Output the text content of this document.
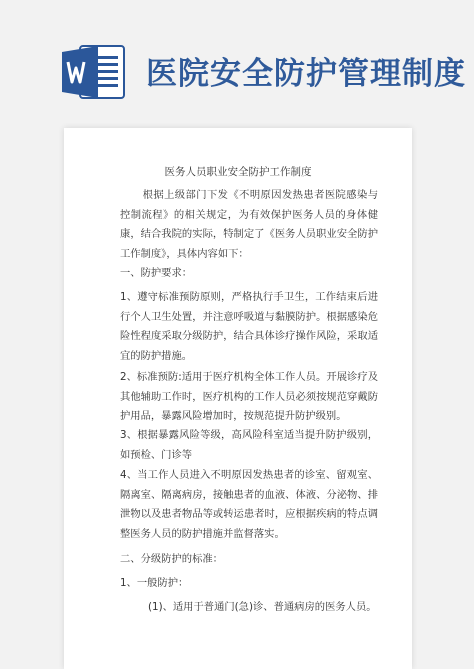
医院安全防护管理制度
医务人员职业安全防护工作制度

根据上级部门下发《不明原因发热患者医院感染与控制流程》的相关规定，为有效保护医务人员的身体健康，结合我院的实际，特制定了《医务人员职业安全防护工作制度》，具体内容如下：

一、防护要求：

1、遵守标准预防原则，严格执行手卫生，工作结束后进行个人卫生处置，并注意呼吸道与黏膜防护。根据感染危险性程度采取分级防护，结合具体诊疗操作风险，采取适宜的防护措施。

2、标准预防:适用于医疗机构全体工作人员。开展诊疗及其他辅助工作时，医疗机构的工作人员必须按规范穿戴防护用品，暴露风险增加时，按规范提升防护级别。

3、根据暴露风险等级，高风险科室适当提升防护级别，如预检、门诊等

4、当工作人员进入不明原因发热患者的诊室、留观室、隔离室、隔离病房，接触患者的血液、体液、分泌物、排泄物以及患者物品等或转运患者时，应根据疾病的特点调整医务人员的防护措施并监督落实。

二、分级防护的标准：

1、一般防护：

(1)、适用于普通门(急)诊、普通病房的医务人员。
